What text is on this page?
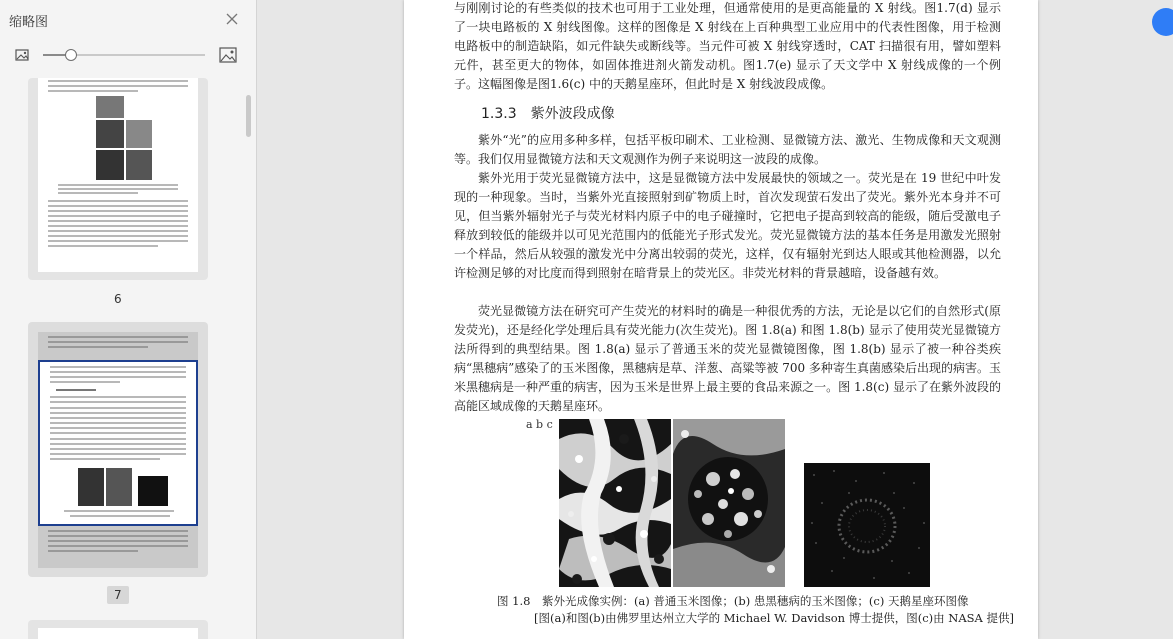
缩略图
6
7

与刚刚讨论的有些类似的技术也可用于工业处理，但通常使用的是更高能量的 X 射线。图1.7(d) 显示了一块电路板的 X 射线图像。这样的图像是 X 射线在上百种典型工业应用中的代表性图像，用于检测电路板中的制造缺陷，如元件缺失或断线等。当元件可被 X 射线穿透时，CAT 扫描很有用，譬如塑料元件，甚至更大的物体，如固体推进剂火箭发动机。图1.7(e) 显示了天文学中 X 射线成像的一个例子。这幅图像是图1.6(c) 中的天鹅星座环，但此时是 X 射线波段成像。

1.3.3　紫外波段成像

紫外“光”的应用多种多样，包括平板印刷术、工业检测、显微镜方法、激光、生物成像和天文观测等。我们仅用显微镜方法和天文观测作为例子来说明这一波段的成像。

紫外光用于荧光显微镜方法中，这是显微镜方法中发展最快的领域之一。荧光是在 19 世纪中叶发现的一种现象。当时，当紫外光直接照射到矿物质上时，首次发现萤石发出了荧光。紫外光本身并不可见，但当紫外辐射光子与荧光材料内原子中的电子碰撞时，它把电子提高到较高的能级，随后受激电子释放到较低的能级并以可见光范围内的低能光子形式发光。荧光显微镜方法的基本任务是用激发光照射一个样品，然后从较强的激发光中分离出较弱的荧光，这样，仅有辐射光到达人眼或其他检测器，以允许检测足够的对比度而得到照射在暗背景上的荧光区。非荧光材料的背景越暗，设备越有效。

荧光显微镜方法在研究可产生荧光的材料时的确是一种很优秀的方法，无论是以它们的自然形式(原发荧光)，还是经化学处理后具有荧光能力(次生荧光)。图 1.8(a) 和图 1.8(b) 显示了使用荧光显微镜方法所得到的典型结果。图 1.8(a) 显示了普通玉米的荧光显微镜图像，图 1.8(b) 显示了被一种谷类疾病“黑穗病”感染了的玉米图像，黑穗病是草、洋葱、高粱等被 700 多种寄生真菌感染后出现的病害。玉米黑穗病是一种严重的病害，因为玉米是世界上最主要的食品来源之一。图 1.8(c) 显示了在紫外波段的高能区域成像的天鹅星座环。

a b c
图 1.8　紫外光成像实例：(a) 普通玉米图像；(b) 患黑穗病的玉米图像；(c) 天鹅星座环图像
[图(a)和图(b)由佛罗里达州立大学的 Michael W. Davidson 博士提供，图(c)由 NASA 提供]
